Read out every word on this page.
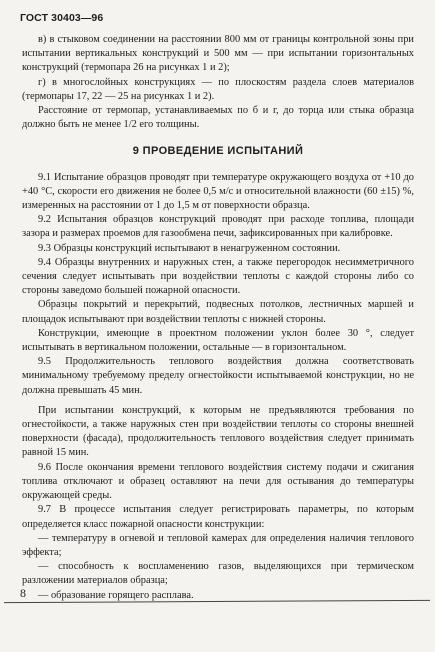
ГОСТ 30403—96

в) в стыковом соединении на расстоянии 800 мм от границы контрольной зоны при испытании вертикальных конструкций и 500 мм — при испытании горизонтальных конструкций (термопара 26 на рисунках 1 и 2);

г) в многослойных конструкциях — по плоскостям раздела слоев материалов (термопары 17, 22 — 25 на рисунках 1 и 2).

Расстояние от термопар, устанавливаемых по б и г, до торца или стыка образца должно быть не менее 1/2 его толщины.

9 ПРОВЕДЕНИЕ ИСПЫТАНИЙ

9.1 Испытание образцов проводят при температуре окружающего воздуха от +10 до +40 °С, скорости его движения не более 0,5 м/с и относительной влажности (60 ±15) %, измеренных на расстоянии от 1 до 1,5 м от поверхности образца.

9.2 Испытания образцов конструкций проводят при расходе топлива, площади зазора и размерах проемов для газообмена печи, зафиксированных при калибровке.

9.3 Образцы конструкций испытывают в ненагруженном состоянии.

9.4 Образцы внутренних и наружных стен, а также перегородок несимметричного сечения следует испытывать при воздействии теплоты с каждой стороны либо со стороны заведомо большей пожарной опасности.

Образцы покрытий и перекрытий, подвесных потолков, лестничных маршей и площадок испытывают при воздействии теплоты с нижней стороны.

Конструкции, имеющие в проектном положении уклон более 30 °, следует испытывать в вертикальном положении, остальные — в горизонтальном.

9.5 Продолжительность теплового воздействия должна соответствовать минимальному требуемому пределу огнестойкости испытываемой конструкции, но не должна превышать 45 мин.

При испытании конструкций, к которым не предъявляются требования по огнестойкости, а также наружных стен при воздействии теплоты со стороны внешней поверхности (фасада), продолжительность теплового воздействия следует принимать равной 15 мин.

9.6 После окончания времени теплового воздействия систему подачи и сжигания топлива отключают и образец оставляют на печи для остывания до температуры окружающей среды.

9.7 В процессе испытания следует регистрировать параметры, по которым определяется класс пожарной опасности конструкции:

— температуру в огневой и тепловой камерах для определения наличия теплового эффекта;

— способность к воспламенению газов, выделяющихся при термическом разложении материалов образца;

— образование горящего расплава.

8
